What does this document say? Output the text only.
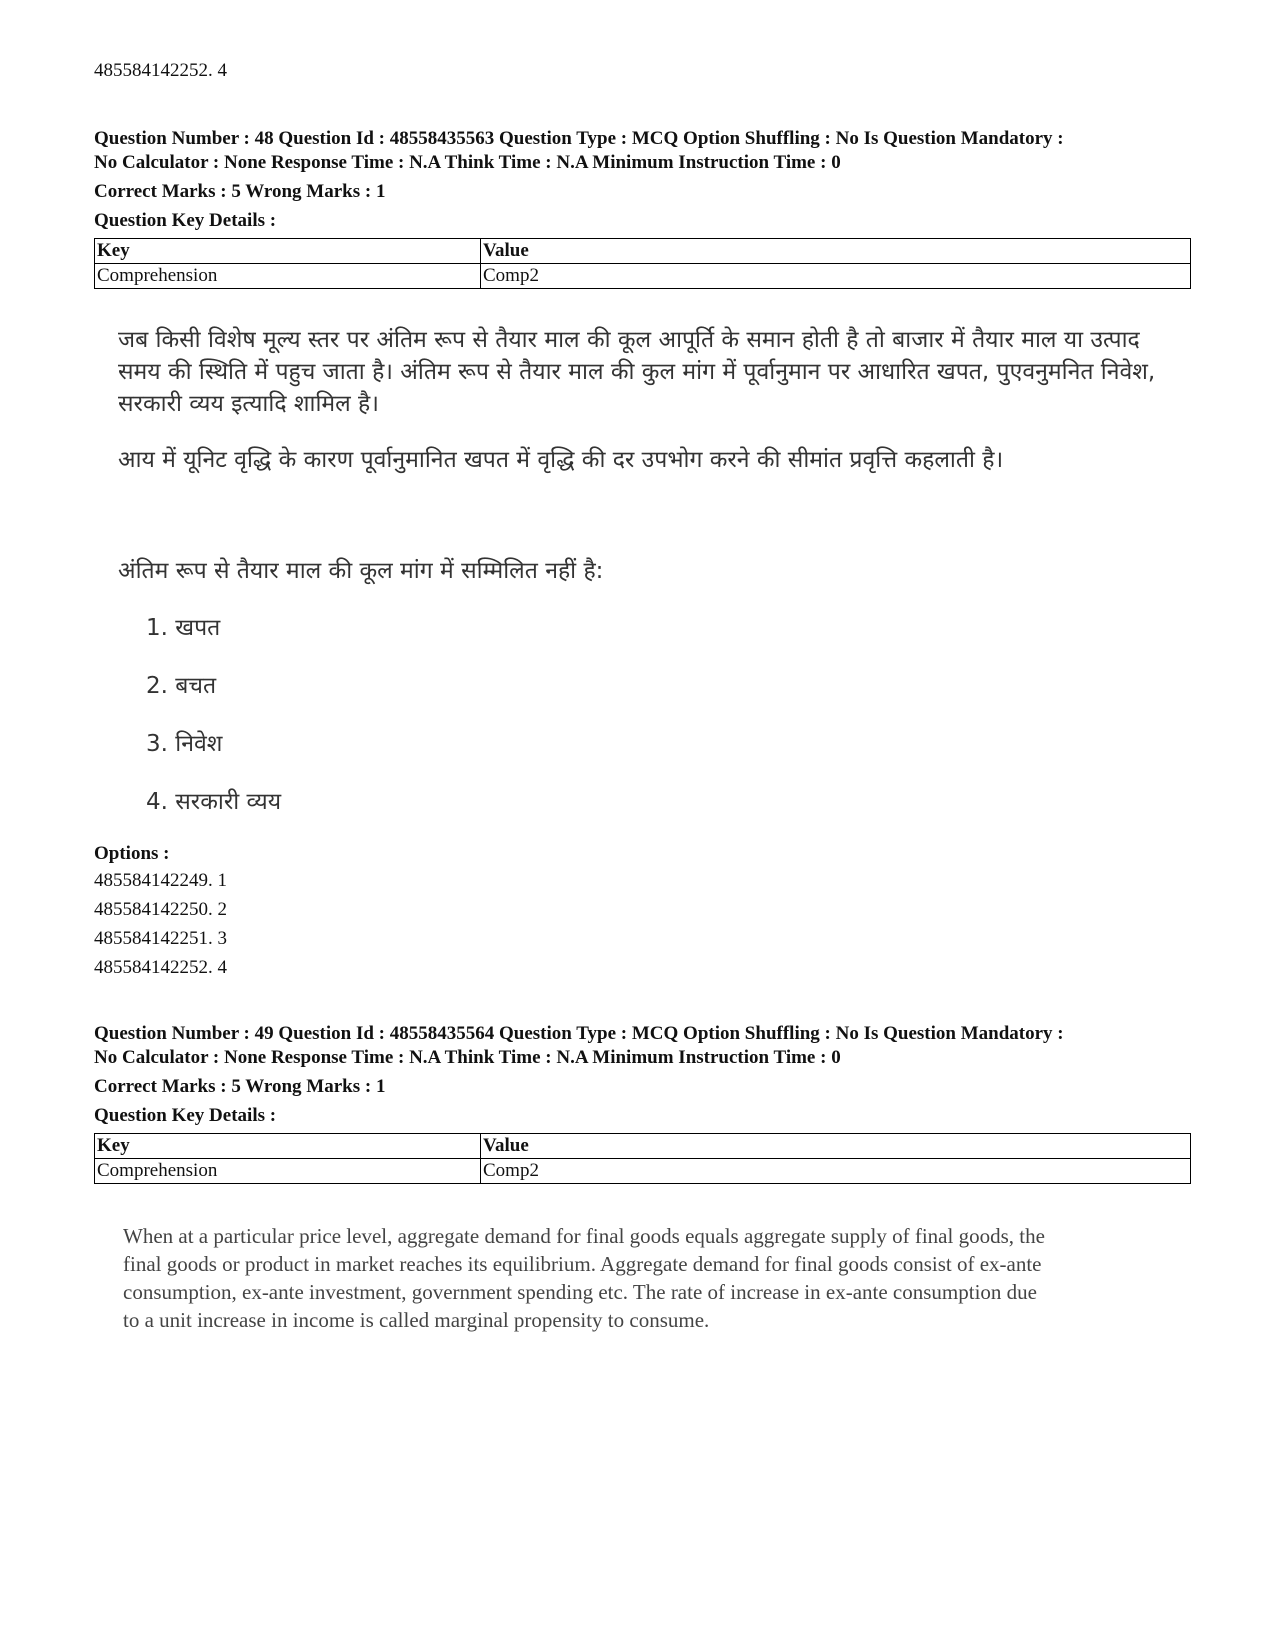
485584142252. 4
Question Number : 48 Question Id : 48558435563 Question Type : MCQ Option Shuffling : No Is Question Mandatory :
No Calculator : None Response Time : N.A Think Time : N.A Minimum Instruction Time : 0
Correct Marks : 5 Wrong Marks : 1
Question Key Details :
Key	Value
Comprehension	Comp2
जब किसी विशेष मूल्य स्तर पर अंतिम रूप से तैयार माल की कूल आपूर्ति के समान होती है तो बाजार में तैयार माल या उत्पाद समय की स्थिति में पहुच जाता है। अंतिम रूप से तैयार माल की कुल मांग में पूर्वानुमान पर आधारित खपत, पुएवनुमनित निवेश, सरकारी व्यय इत्यादि शामिल है।
आय में यूनिट वृद्धि के कारण पूर्वानुमानित खपत में वृद्धि की दर उपभोग करने की सीमांत प्रवृत्ति कहलाती है।
अंतिम रूप से तैयार माल की कूल मांग में सम्मिलित नहीं है:
1. खपत
2. बचत
3. निवेश
4. सरकारी व्यय
Options :
485584142249. 1
485584142250. 2
485584142251. 3
485584142252. 4
Question Number : 49 Question Id : 48558435564 Question Type : MCQ Option Shuffling : No Is Question Mandatory :
No Calculator : None Response Time : N.A Think Time : N.A Minimum Instruction Time : 0
Correct Marks : 5 Wrong Marks : 1
Question Key Details :
Key	Value
Comprehension	Comp2
When at a particular price level, aggregate demand for final goods equals aggregate supply of final goods, the
final goods or product in market reaches its equilibrium. Aggregate demand for final goods consist of ex-ante
consumption, ex-ante investment, government spending etc. The rate of increase in ex-ante consumption due
to a unit increase in income is called marginal propensity to consume.
